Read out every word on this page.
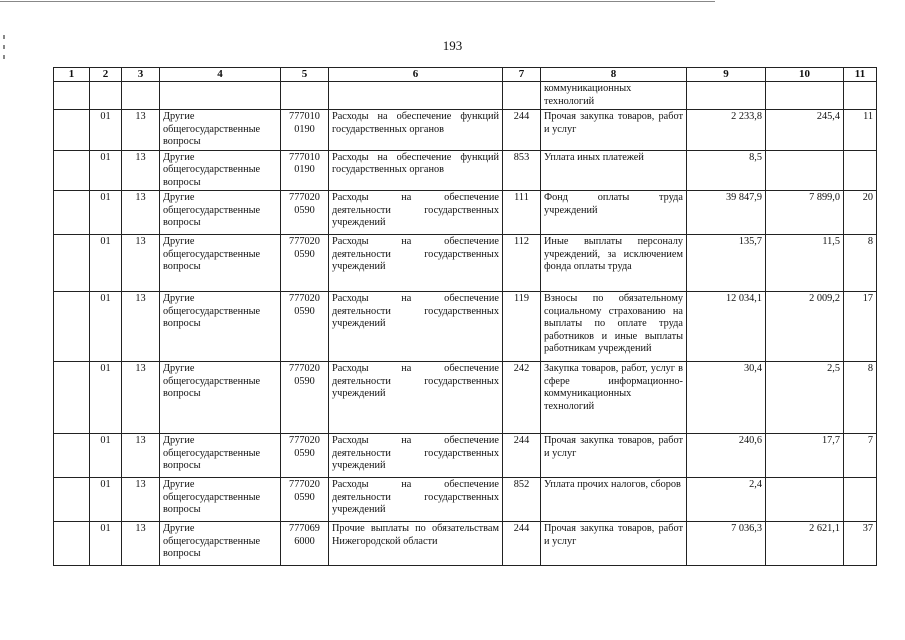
193
1	2	3	4	5	6	7	8	9	10	11
							коммуникационных технологий			
	01	13	Другие общегосударственные вопросы	777010 0190	Расходы на обеспечение функций государственных органов	244	Прочая закупка товаров, работ и услуг	2 233,8	245,4	11
	01	13	Другие общегосударственные вопросы	777010 0190	Расходы на обеспечение функций государственных органов	853	Уплата иных платежей	8,5		
	01	13	Другие общегосударственные вопросы	777020 0590	Расходы на обеспечение деятельности государственных учреждений	111	Фонд оплаты труда учреждений	39 847,9	7 899,0	20
	01	13	Другие общегосударственные вопросы	777020 0590	Расходы на обеспечение деятельности государственных учреждений	112	Иные выплаты персоналу учреждений, за исключением фонда оплаты труда	135,7	11,5	8
	01	13	Другие общегосударственные вопросы	777020 0590	Расходы на обеспечение деятельности государственных учреждений	119	Взносы по обязательному социальному страхованию на выплаты по оплате труда работников и иные выплаты работникам учреждений	12 034,1	2 009,2	17
	01	13	Другие общегосударственные вопросы	777020 0590	Расходы на обеспечение деятельности государственных учреждений	242	Закупка товаров, работ, услуг в сфере информационно-коммуникационных технологий	30,4	2,5	8
	01	13	Другие общегосударственные вопросы	777020 0590	Расходы на обеспечение деятельности государственных учреждений	244	Прочая закупка товаров, работ и услуг	240,6	17,7	7
	01	13	Другие общегосударственные вопросы	777020 0590	Расходы на обеспечение деятельности государственных учреждений	852	Уплата прочих налогов, сборов	2,4		
	01	13	Другие общегосударственные вопросы	777069 6000	Прочие выплаты по обязательствам Нижегородской области	244	Прочая закупка товаров, работ и услуг	7 036,3	2 621,1	37
